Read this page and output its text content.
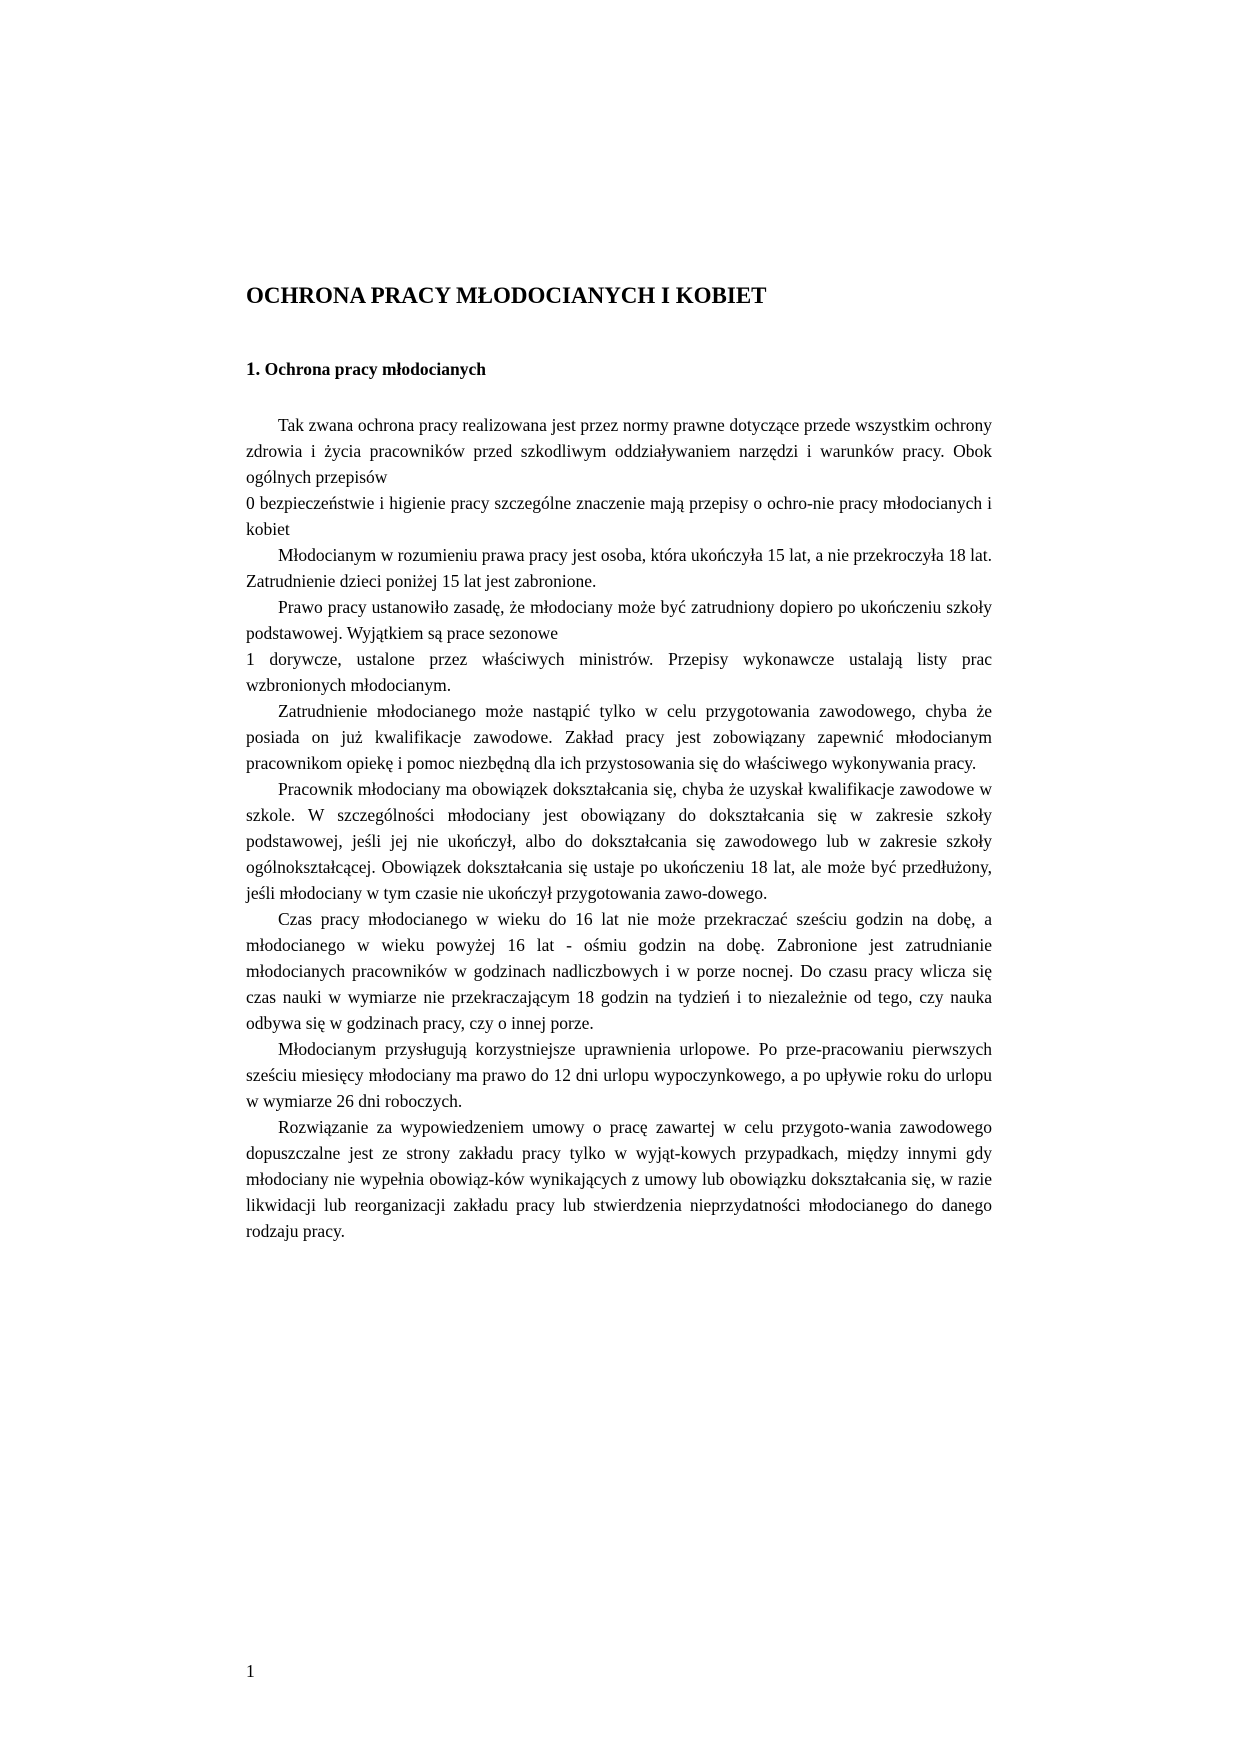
OCHRONA PRACY MŁODOCIANYCH I KOBIET
1. Ochrona pracy młodocianych

Tak zwana ochrona pracy realizowana jest przez normy prawne dotyczące przede wszystkim ochrony zdrowia i życia pracowników przed szkodliwym oddziaływaniem narzędzi i warunków pracy. Obok ogólnych przepisów

0 bezpieczeństwie i higienie pracy szczególne znaczenie mają przepisy o ochro-nie pracy młodocianych i kobiet

Młodocianym w rozumieniu prawa pracy jest osoba, która ukończyła 15 lat, a nie przekroczyła 18 lat. Zatrudnienie dzieci poniżej 15 lat jest zabronione.

Prawo pracy ustanowiło zasadę, że młodociany może być zatrudniony dopiero po ukończeniu szkoły podstawowej. Wyjątkiem są prace sezonowe

1 dorywcze, ustalone przez właściwych ministrów. Przepisy wykonawcze ustalają listy prac wzbronionych młodocianym.

Zatrudnienie młodocianego może nastąpić tylko w celu przygotowania zawodowego, chyba że posiada on już kwalifikacje zawodowe. Zakład pracy jest zobowiązany zapewnić młodocianym pracownikom opiekę i pomoc niezbędną dla ich przystosowania się do właściwego wykonywania pracy.

Pracownik młodociany ma obowiązek dokształcania się, chyba że uzyskał kwalifikacje zawodowe w szkole. W szczególności młodociany jest obowiązany do dokształcania się w zakresie szkoły podstawowej, jeśli jej nie ukończył, albo do dokształcania się zawodowego lub w zakresie szkoły ogólnokształcącej. Obowiązek dokształcania się ustaje po ukończeniu 18 lat, ale może być przedłużony, jeśli młodociany w tym czasie nie ukończył przygotowania zawo-dowego.

Czas pracy młodocianego w wieku do 16 lat nie może przekraczać sześciu godzin na dobę, a młodocianego w wieku powyżej 16 lat - ośmiu godzin na dobę. Zabronione jest zatrudnianie młodocianych pracowników w godzinach nadliczbowych i w porze nocnej. Do czasu pracy wlicza się czas nauki w wymiarze nie przekraczającym 18 godzin na tydzień i to niezależnie od tego, czy nauka odbywa się w godzinach pracy, czy o innej porze.

Młodocianym przysługują korzystniejsze uprawnienia urlopowe. Po prze-pracowaniu pierwszych sześciu miesięcy młodociany ma prawo do 12 dni urlopu wypoczynkowego, a po upływie roku do urlopu w wymiarze 26 dni roboczych.

Rozwiązanie za wypowiedzeniem umowy o pracę zawartej w celu przygoto-wania zawodowego dopuszczalne jest ze strony zakładu pracy tylko w wyjąt-kowych przypadkach, między innymi gdy młodociany nie wypełnia obowiąz-ków wynikających z umowy lub obowiązku dokształcania się, w razie likwidacji lub reorganizacji zakładu pracy lub stwierdzenia nieprzydatności młodocianego do danego rodzaju pracy.

1
